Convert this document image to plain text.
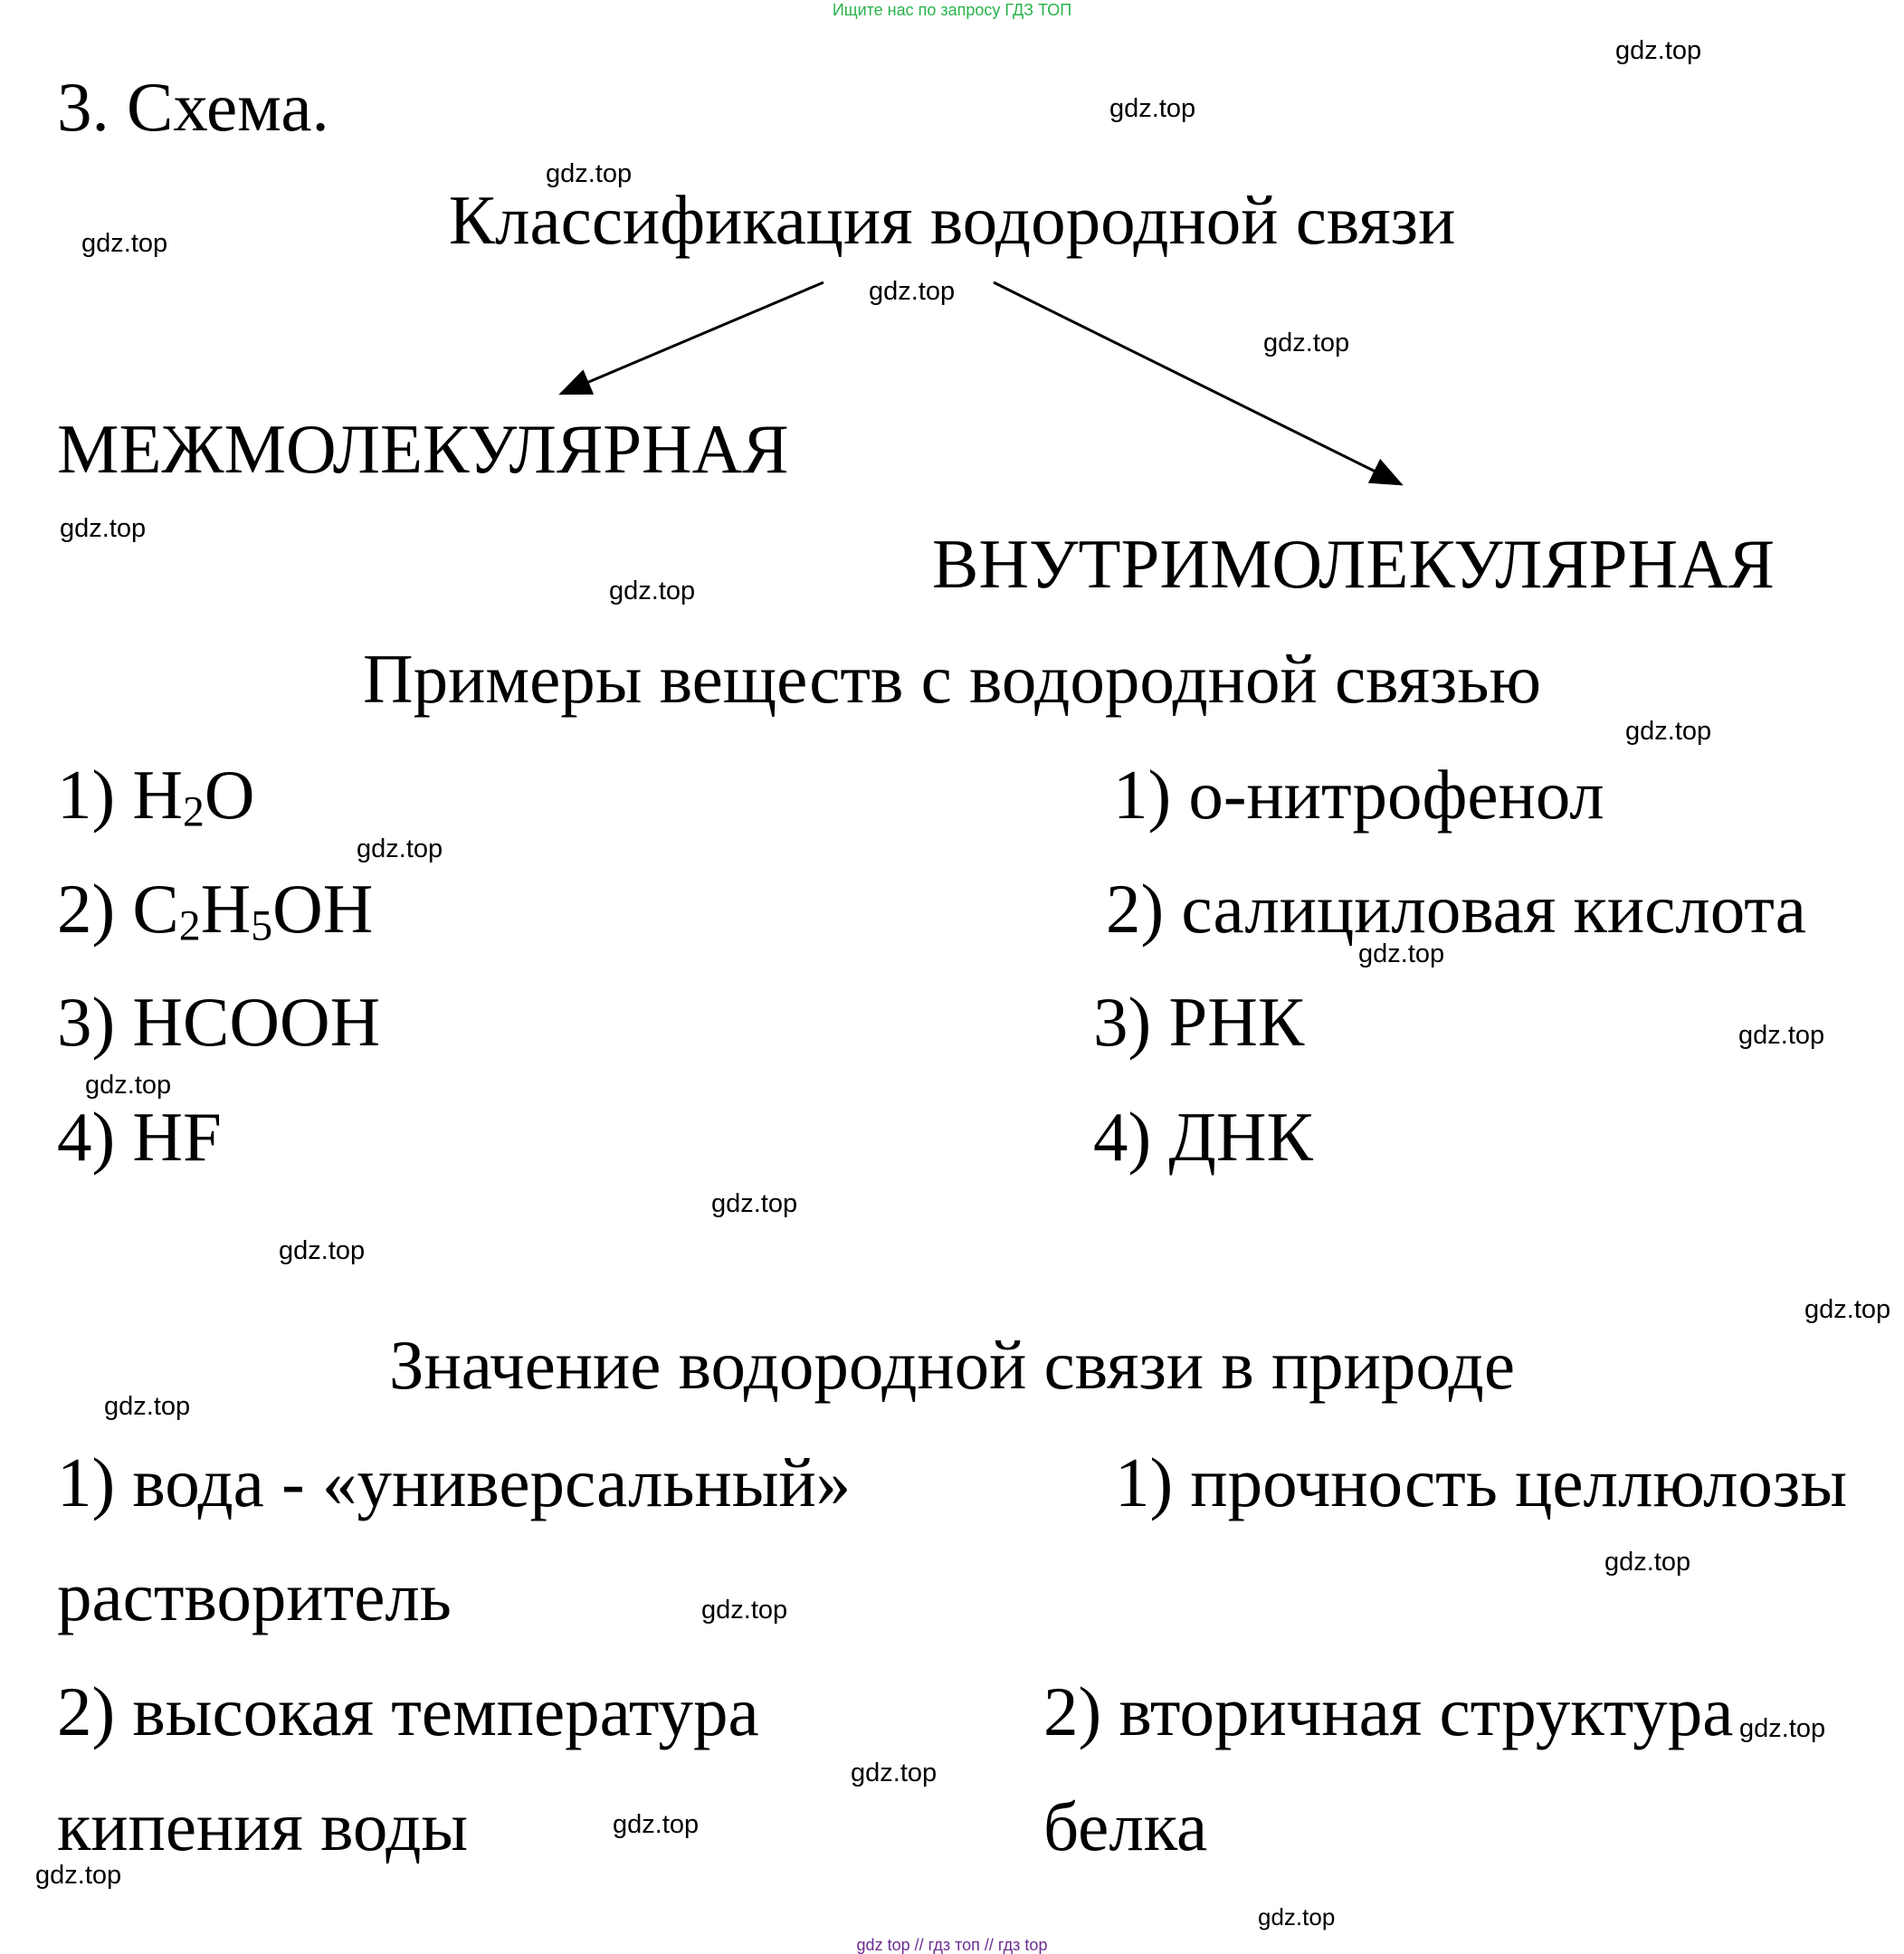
Ищите нас по запросу ГДЗ ТОП
gdz top // гдз топ // гдз top
3. Схема.
Классификация водородной связи
МЕЖМОЛЕКУЛЯРНАЯ
ВНУТРИМОЛЕКУЛЯРНАЯ
Примеры веществ с водородной связью
1) $H_2O$
2) $C_2H_5OH$
3) HCOOH
4) HF
1) о-нитрофенол
2) салициловая кислота
3) РНК
4) ДНК
Значение водородной связи в природе
1) вода - «универсальный»
растворитель
2) высокая температура
кипения воды
1) прочность целлюлозы
2) вторичная структура
белка
gdz.top
gdz.top
gdz.top
gdz.top
gdz.top
gdz.top
gdz.top
gdz.top
gdz.top
gdz.top
gdz.top
gdz.top
gdz.top
gdz.top
gdz.top
gdz.top
gdz.top
gdz.top
gdz.top
gdz.top
gdz.top
gdz.top
gdz.top
gdz.top
